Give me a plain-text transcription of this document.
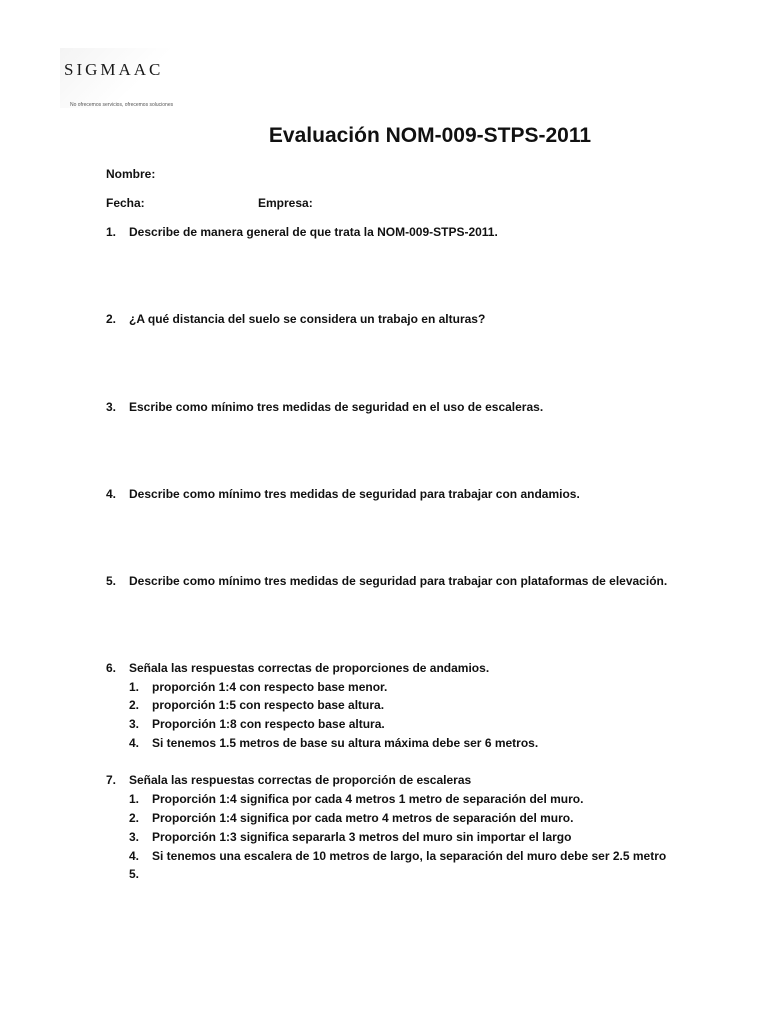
SIGMAAC
No ofrecemos servicios, ofrecemos soluciones
Evaluación NOM-009-STPS-2011
Nombre:
Fecha:	Empresa:
1. Describe de manera general de que trata la NOM-009-STPS-2011.
2. ¿A qué distancia del suelo se considera un trabajo en alturas?
3. Escribe como mínimo tres medidas de seguridad en el uso de escaleras.
4. Describe como mínimo tres medidas de seguridad para trabajar con andamios.
5. Describe como mínimo tres medidas de seguridad para trabajar con plataformas de elevación.
6. Señala las respuestas correctas de proporciones de andamios.
1. proporción 1:4 con respecto base menor.
2. proporción 1:5 con respecto base altura.
3. Proporción 1:8 con respecto base altura.
4. Si tenemos 1.5 metros de base su altura máxima debe ser 6 metros.
7. Señala las respuestas correctas de proporción de escaleras
1. Proporción 1:4 significa por cada 4 metros 1 metro de separación del muro.
2. Proporción 1:4 significa por cada metro 4 metros de separación del muro.
3. Proporción 1:3 significa separarla 3 metros del muro sin importar el largo
4. Si tenemos una escalera de 10 metros de largo, la separación del muro debe ser 2.5 metro
5.
